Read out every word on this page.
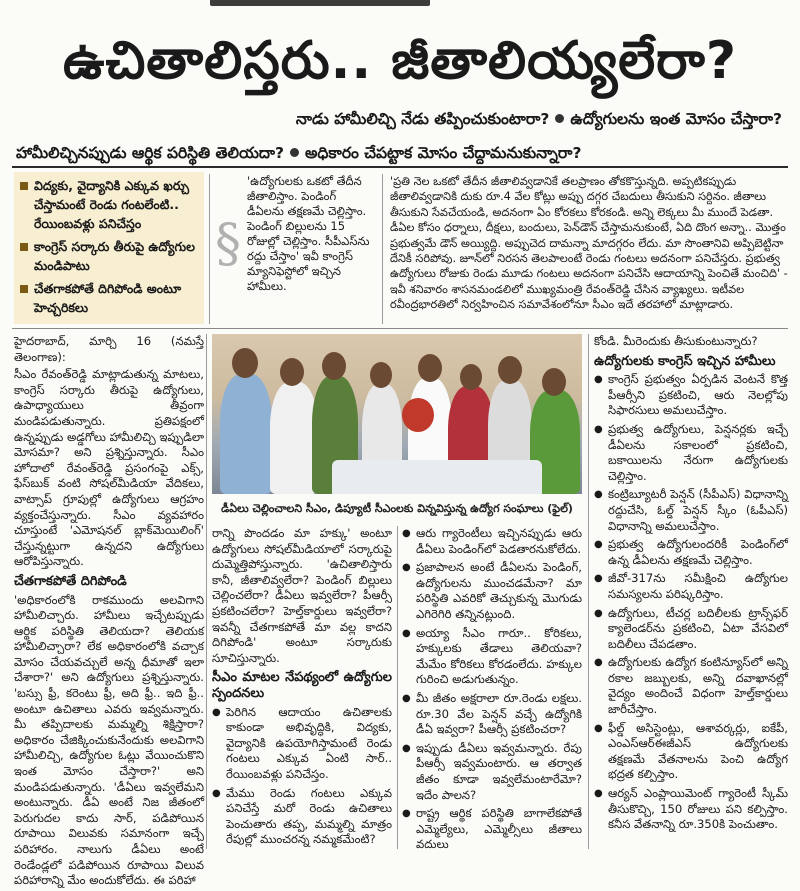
ఉచితాలిస్తరు.. జీతాలియ్యలేరా?
నాడు హామీలిచ్చి నేడు తప్పించుకుంటారా? ఉద్యోగులను ఇంత మోసం చేస్తారా?
హామీలిచ్చినప్పుడు ఆర్థిక పరిస్థితి తెలియదా? అధికారం చేపట్టాక మోసం చేద్దామనుకున్నారా?
విద్యకు, వైద్యానికి ఎక్కువ ఖర్చు చేస్తామంటే రెండు గంటలేంటి.. రేయింబవళ్లు పనిచేస్తం
కాంగ్రెస్‌ సర్కారు తీరుపై ఉద్యోగుల మండిపాటు
చేతగాకపోతే దిగిపోండి అంటూ హెచ్చరికలు
§
'ఉద్యోగులకు ఒకటో తేదీన జీతాలిస్తాం. పెండింగ్‌ డీఏలను తక్షణమే చెల్లిస్తాం. పెండింగ్‌ బిల్లులను 15 రోజుల్లో చెల్లిస్తాం. సీపీఎస్‌ను రద్దు చేస్తాం' ఇవీ కాంగ్రెస్‌ మ్యానిఫెస్టోలో ఇచ్చిన హామీలు.
'ప్రతి నెల ఒకటో తేదీన జీతాలివ్వడానికే తలప్రాణం తోకకొస్తున్నది. అప్పటికప్పుడు జీతాలివ్వడానికి దుకు రూ.4 వేల కోట్లు అప్పు దగ్గర చేబదులు తీసుకుని సర్దినం. జీతాలు తీసుకుని సేవచేయండి, అదనంగా ఏం కోరకలు కోరకండి. అన్ని లెక్కలు మీ ముందే పెడతా. డీఏల కోసం ధర్నాలు, దీక్షలు, బందులు, పెన్‌డౌన్‌ చేస్తామనుకుంటే, ఏది దొంగ అన్నా.. మొత్తం ప్రభుత్వమే డౌన్‌ అయ్యిద్ది. అప్పుచెద దామన్నా మాదగ్గరం లేదు. మా సొంతానివి అప్పిబెట్టినా దేనికీ సరిపోవు. జూన్‌లో నిరసన తెలపాలంటే రెండు గంటలు అదనంగా పనిచేస్తరు. ప్రభుత్వ ఉద్యోగులు రోజుకు రెండు మూడు గంటలు అదనంగా పనిచేసి ఆదాయాన్ని పెంచితే మంచిది' - ఇవీ శనివారం శాసనమండలిలో ముఖ్యమంత్రి రేవంత్‌రెడ్డి చేసిన వ్యాఖ్యలు. ఇటీవల రవీంద్రభారతిలో నిర్వహించిన సమావేశంలోనూ సీఎం ఇదే తరహాలో మాట్లాడారు.

హైదరాబాద్‌, మార్చి 16 (నమస్తే తెలంగాణ):

సీఎం రేవంత్‌రెడ్డి మాట్లాడుతున్న మాటలు, కాంగ్రెస్‌ సర్కారు తీరుపై ఉద్యోగులు, ఉపాధ్యాయులు తీవ్రంగా మండిపడుతున్నారు. ప్రతిపక్షంలో ఉన్నప్పుడు అడ్డగోలు హామీలిచ్చి ఇప్పుడిలా మోసమా? అని ప్రశ్నిస్తున్నారు. సీఎం హోదాలో రేవంత్‌రెడ్డి ప్రసంగంపై ఎక్స్‌, ఫేస్‌బుక్‌ వంటి సోషల్‌మీడియా వేదికలు, వాట్సాప్‌ గ్రూపుల్లో ఉద్యోగులు ఆగ్రహం వ్యక్తంచేస్తున్నారు. సీఎం వ్యవహారం చూస్తుంటే 'ఎమోషనల్‌ బ్లాక్‌మెయిలింగ్‌' చేస్తున్నట్టుగా ఉన్నదని ఉద్యోగులు ఆరోపిస్తున్నారు.

చేతగాకపోతే దిగిపోండి

'అధికారంలోకి రాకముందు అలవిగాని హామీలిచ్చారు. హామీలు ఇచ్చేటప్పుడు ఆర్థిక పరిస్థితి తెలియదా? తెలియక హామీలిచ్చారా? లేక అధికారంలోకి వచ్చాక మోసం చేయవచ్చులే అన్న ధీమాతో ఇలా చేశారా?' అని ఉద్యోగులు ప్రశ్నిస్తున్నారు. 'బస్సు ఫ్రీ, కరెంటు ఫ్రీ, అది ఫ్రీ.. ఇది ఫ్రీ.. అంటూ ఉచితాలు ఎవరు ఇవ్వమన్నారు. మీ తప్పిదాలకు మమ్మల్ని శిక్షిస్తారా? అధికారం చేజిక్కించుకునేందుకు అలవిగాని హామీలిచ్చి, ఉద్యోగుల ఓట్లు వేయించుకొని ఇంత మోసం చేస్తారా?' అని మండిపడుతున్నారు. 'డీఏలు ఇవ్వలేమని అంటున్నారు. డీఏ అంటే నిజ జీతంలో పెరుగుదల కాదు సార్‌, పడిపోయిన రూపాయి విలువకు సమానంగా ఇచ్చే పరిహారం. నాలుగు డీఏలు అంటే రెండేండ్లలో పడిపోయిన రూపాయి విలువ పరిహారాన్ని మేం అందుకోలేదు. ఈ పరిహా

డీఏలు చెల్లించాలని సీఎం, డిప్యూటీ సీఎంలకు విన్నవిస్తున్న ఉద్యోగ సంఘాలు (ఫైల్‌)

రాన్ని పొందడం మా హక్కు' అంటూ ఉద్యోగులు సోషల్‌మీడియాలో సర్కారుపై దుమ్మెత్తిపోస్తున్నారు. 'ఉచితాలిస్తారు కానీ, జీతాలివ్వలేరా? పెండింగ్‌ బిల్లులు చెల్లించలేరా? డీఏలు ఇవ్వలేరా? పీఆర్సీ ప్రకటించలేరా? హెల్త్‌కార్డులు ఇవ్వలేరా? ఇవన్నీ చేతగాకపోతే మా వల్ల కాదని దిగిపోండి' అంటూ సర్కారుకు సూచిస్తున్నారు.

సీఎం మాటల నేపథ్యంలో ఉద్యోగుల స్పందనలు
● పెరిగిన ఆదాయం ఉచితాలకు కాకుండా అభివృద్ధికి, విద్యకు, వైద్యానికి ఉపయోగిస్తామంటే రెండు గంటలు ఎక్కువ ఏంటి సార్‌.. రేయింబవళ్లు పనిచేస్తం.
● మేము రెండు గంటలు ఎక్కువ పనిచేస్తే మరో రెండు ఉచితాలు పెంచుతారు తప్ప, మమ్మల్ని మాత్రం రేపుల్లో ముంచరన్న నమ్మకమేంటి?
● ఆరు గ్యారెంటీలు ఇచ్చినప్పుడు ఆరు డీఏలు పెండింగ్‌లో పెడతారనుకోలేదు.
● ప్రజాపాలన అంటే డీఏలను పెండింగ్‌, ఉద్యోగులను ముంచడమేనా? మా పరిస్థితి ఎవరికో తెచ్చుకున్న మొగుడు ఎగిరెగిరి తన్నినట్లుంది.
● అయ్యా సీఎం గారూ.. కోరికలు, హక్కులకు తేడాలు తెలియవా? మేమేం కోరికలు కోరడంలేదు. హక్కుల గురించి అడుగుతున్నం.
● మీ జీతం అక్షరాలా రూ.రెండు లక్షలు. రూ.30 వేల పెన్షన్‌ వచ్చే ఉద్యోగికి డీఏ ఇవ్వరా? పీఆర్సీ ప్రకటించరా?
● ఇప్పుడు డీఏలు ఇవ్వమన్నారు. రేపు పీఆర్సీ ఇవ్వమంటారు. ఆ తర్వాత జీతం కూడా ఇవ్వలేమంటారేమో? ఇదేం పాలన?
● రాష్ట్ర ఆర్థిక పరిస్థితి బాగాలేకపోతే ఎమ్మెల్యేలు, ఎమ్మెల్సీలు జీతాలు వదులు

కోండి. మీరెందుకు తీసుకుంటున్నారు?

ఉద్యోగులకు కాంగ్రెస్‌ ఇచ్చిన హామీలు
● కాంగ్రెస్‌ ప్రభుత్వం ఏర్పడిన వెంటనే కొత్త పీఆర్సీని ప్రకటించి, ఆరు నెలల్లోపు సిఫారసులు అమలుచేస్తాం.
● ప్రభుత్వ ఉద్యోగులు, పెన్షనర్లకు ఇచ్చే డీఏలను సకాలంలో ప్రకటించి, బకాయిలను నేరుగా ఉద్యోగులకు చెల్లిస్తాం.
● కంట్రిబ్యూటరీ పెన్షన్‌ (సీపీఎస్‌) విధానాన్ని రద్దుచేసి, ఓల్డ్‌ పెన్షన్‌ స్కీం (ఓపీఎస్‌) విధానాన్ని అమలుచేస్తాం.
● ప్రభుత్వ ఉద్యోగులందరికీ పెండింగ్‌లో ఉన్న డీఏలను తక్షణమే చెల్లిస్తాం.
● జీవో-317ను సమీక్షించి ఉద్యోగుల సమస్యలను పరిష్కరిస్తాం.
● ఉద్యోగులు, టీచర్ల బదిలీలకు ట్రాన్స్‌ఫర్‌ క్యాలెండర్‌ను ప్రకటించి, ఏటా వేసవిలో బదిలీలు చేపడతాం.
● ఉద్యోగులకు ఉద్యోగ కంటిన్యూస్‌లో అన్ని రకాల జబ్బులకు, అన్ని దవాఖానల్లో వైద్యం అందించే విధంగా హెల్త్‌కార్డులు జారీచేస్తాం.
● ఫీల్డ్‌ అసిస్టెంట్లు, ఆశావర్కర్లు, ఐకేపీ, ఎంఎస్‌ఆర్‌ఈజీఎస్‌ ఉద్యోగులకు తక్షణమే వేతనాలను పెంచి ఉద్యోగ భద్రత కల్పిస్తాం.
● ఆర్యన్‌ ఎంప్లాయిమెంట్‌ గ్యారెంటీ స్కీమ్‌ తీసుకొచ్చి, 150 రోజులు పని కల్పిస్తాం. కనీస వేతనాన్ని రూ.350కి పెంచుతాం.
